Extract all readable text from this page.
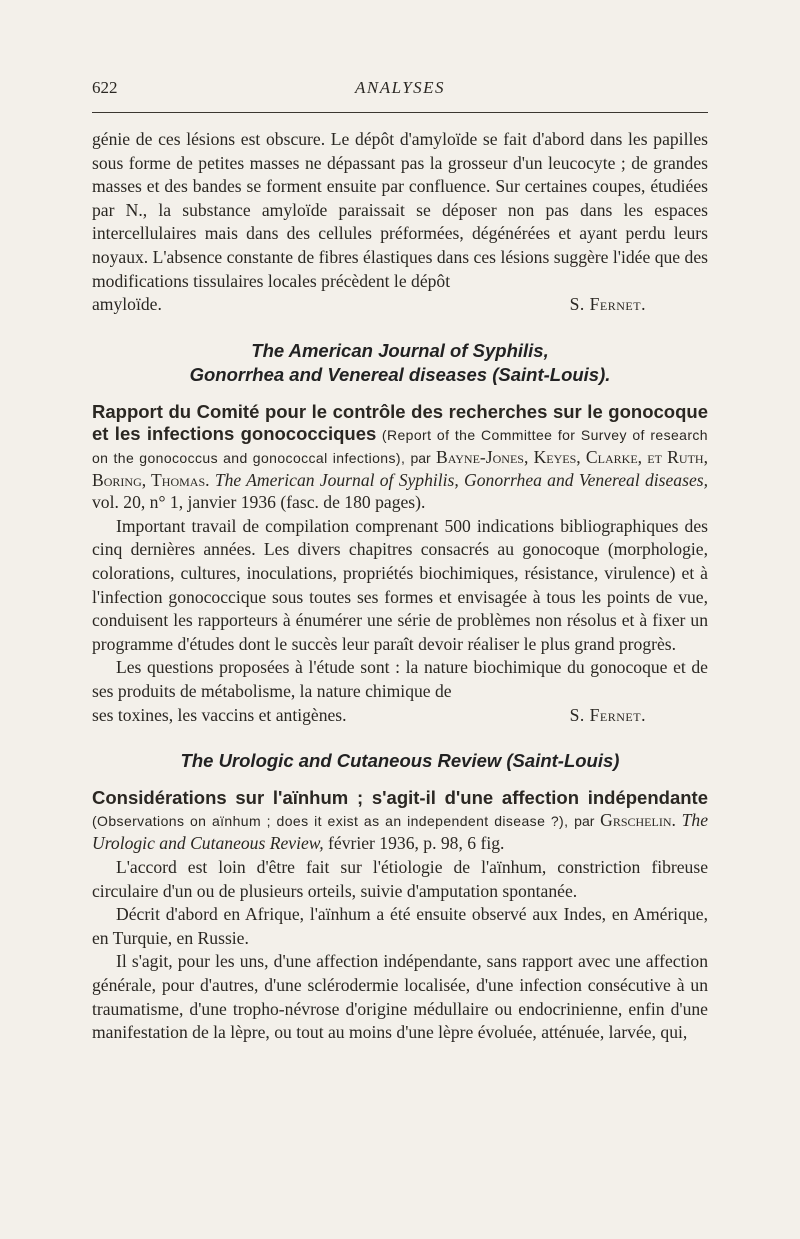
622	ANALYSES

génie de ces lésions est obscure. Le dépôt d'amyloïde se fait d'abord dans les papilles sous forme de petites masses ne dépassant pas la grosseur d'un leucocyte ; de grandes masses et des bandes se forment ensuite par confluence. Sur certaines coupes, étudiées par N., la substance amyloïde paraissait se déposer non pas dans les espaces intercellulaires mais dans des cellules préformées, dégénérées et ayant perdu leurs noyaux. L'absence constante de fibres élastiques dans ces lésions suggère l'idée que des modifications tissulaires locales précèdent le dépôt

amyloïde.	S. Fernet.
The American Journal of Syphilis,
Gonorrhea and Venereal diseases (Saint-Louis).
Rapport du Comité pour le contrôle des recherches sur le gonocoque et les infections gonococciques (Report of the Committee for Survey of research on the gonococcus and gonococcal infections), par Bayne-Jones, Keyes, Clarke, et Ruth, Boring, Thomas. The American Journal of Syphilis, Gonorrhea and Venereal diseases, vol. 20, n° 1, janvier 1936 (fasc. de 180 pages).

Important travail de compilation comprenant 500 indications bibliographiques des cinq dernières années. Les divers chapitres consacrés au gonocoque (morphologie, colorations, cultures, inoculations, propriétés biochimiques, résistance, virulence) et à l'infection gonococcique sous toutes ses formes et envisagée à tous les points de vue, conduisent les rapporteurs à énumérer une série de problèmes non résolus et à fixer un programme d'études dont le succès leur paraît devoir réaliser le plus grand progrès.

Les questions proposées à l'étude sont : la nature biochimique du gonocoque et de ses produits de métabolisme, la nature chimique de

ses toxines, les vaccins et antigènes.	S. Fernet.
The Urologic and Cutaneous Review (Saint-Louis)
Considérations sur l'aïnhum ; s'agit-il d'une affection indépendante (Observations on aïnhum ; does it exist as an independent disease ?), par Grschelin. The Urologic and Cutaneous Review, février 1936, p. 98, 6 fig.

L'accord est loin d'être fait sur l'étiologie de l'aïnhum, constriction fibreuse circulaire d'un ou de plusieurs orteils, suivie d'amputation spontanée.

Décrit d'abord en Afrique, l'aïnhum a été ensuite observé aux Indes, en Amérique, en Turquie, en Russie.

Il s'agit, pour les uns, d'une affection indépendante, sans rapport avec une affection générale, pour d'autres, d'une sclérodermie localisée, d'une infection consécutive à un traumatisme, d'une tropho-névrose d'origine médullaire ou endocrinienne, enfin d'une manifestation de la lèpre, ou tout au moins d'une lèpre évoluée, atténuée, larvée, qui,
